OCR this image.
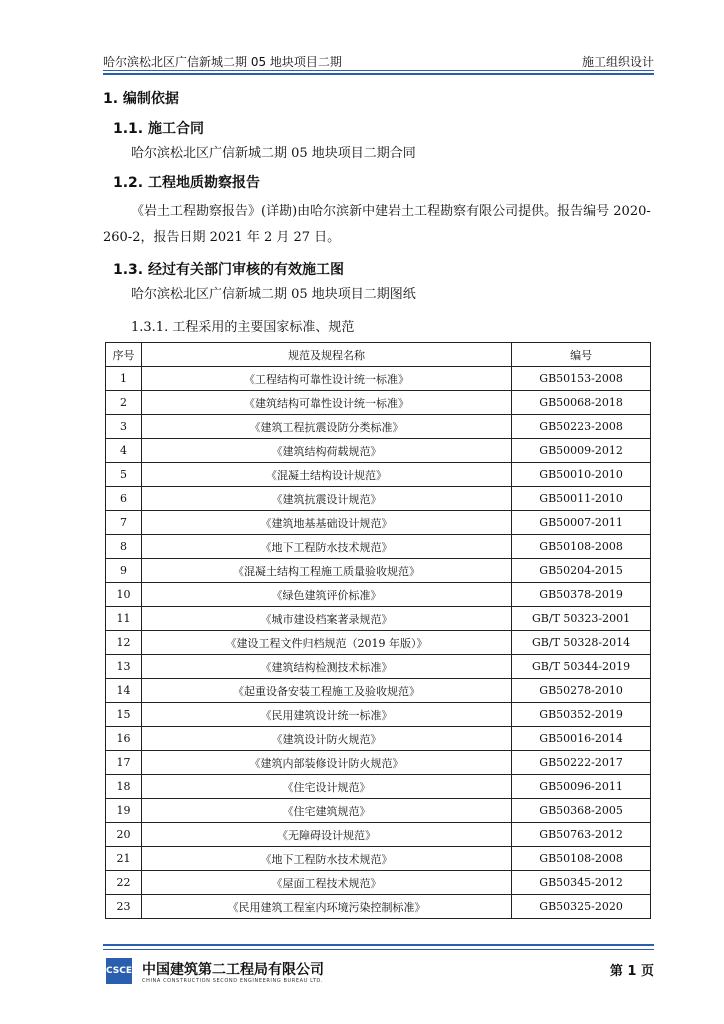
哈尔滨松北区广信新城二期 05 地块项目二期	施工组织设计
1. 编制依据
1.1. 施工合同
哈尔滨松北区广信新城二期 05 地块项目二期合同
1.2. 工程地质勘察报告
《岩土工程勘察报告》(详勘)由哈尔滨新中建岩土工程勘察有限公司提供。报告编号 2020-260-2，报告日期 2021 年 2 月 27 日。
1.3. 经过有关部门审核的有效施工图
哈尔滨松北区广信新城二期 05 地块项目二期图纸
1.3.1. 工程采用的主要国家标准、规范
序号	规范及规程名称	编号
1	《工程结构可靠性设计统一标准》	GB50153-2008
2	《建筑结构可靠性设计统一标准》	GB50068-2018
3	《建筑工程抗震设防分类标准》	GB50223-2008
4	《建筑结构荷载规范》	GB50009-2012
5	《混凝土结构设计规范》	GB50010-2010
6	《建筑抗震设计规范》	GB50011-2010
7	《建筑地基基础设计规范》	GB50007-2011
8	《地下工程防水技术规范》	GB50108-2008
9	《混凝土结构工程施工质量验收规范》	GB50204-2015
10	《绿色建筑评价标准》	GB50378-2019
11	《城市建设档案著录规范》	GB/T 50323-2001
12	《建设工程文件归档规范（2019 年版）》	GB/T 50328-2014
13	《建筑结构检测技术标准》	GB/T 50344-2019
14	《起重设备安装工程施工及验收规范》	GB50278-2010
15	《民用建筑设计统一标准》	GB50352-2019
16	《建筑设计防火规范》	GB50016-2014
17	《建筑内部装修设计防火规范》	GB50222-2017
18	《住宅设计规范》	GB50096-2011
19	《住宅建筑规范》	GB50368-2005
20	《无障碍设计规范》	GB50763-2012
21	《地下工程防水技术规范》	GB50108-2008
22	《屋面工程技术规范》	GB50345-2012
23	《民用建筑工程室内环境污染控制标准》	GB50325-2020
CSCEC 中国建筑第二工程局有限公司
CHINA CONSTRUCTION SECOND ENGINEERING BUREAU LTD.
第 1 页
